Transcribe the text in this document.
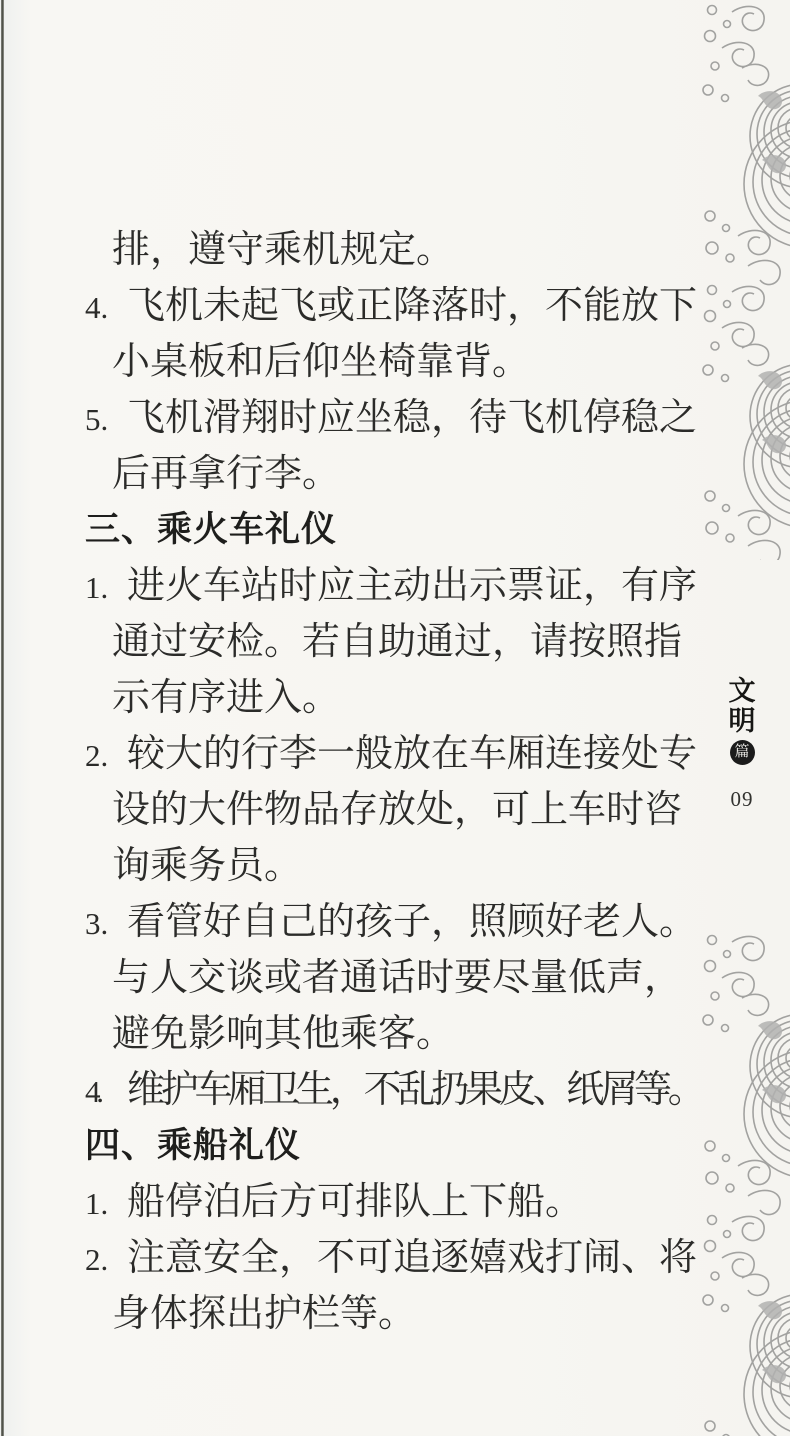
文
明
篇
09
排，遵守乘机规定。
4. 飞机未起飞或正降落时，不能放下
小桌板和后仰坐椅靠背。
5. 飞机滑翔时应坐稳，待飞机停稳之
后再拿行李。
三、乘火车礼仪
1. 进火车站时应主动出示票证，有序
通过安检。若自助通过，请按照指
示有序进入。
2. 较大的行李一般放在车厢连接处专
设的大件物品存放处，可上车时咨
询乘务员。
3. 看管好自己的孩子，照顾好老人。
与人交谈或者通话时要尽量低声，
避免影响其他乘客。
4. 维护车厢卫生，不乱扔果皮、纸屑等。
四、乘船礼仪
1. 船停泊后方可排队上下船。
2. 注意安全，不可追逐嬉戏打闹、将
身体探出护栏等。
